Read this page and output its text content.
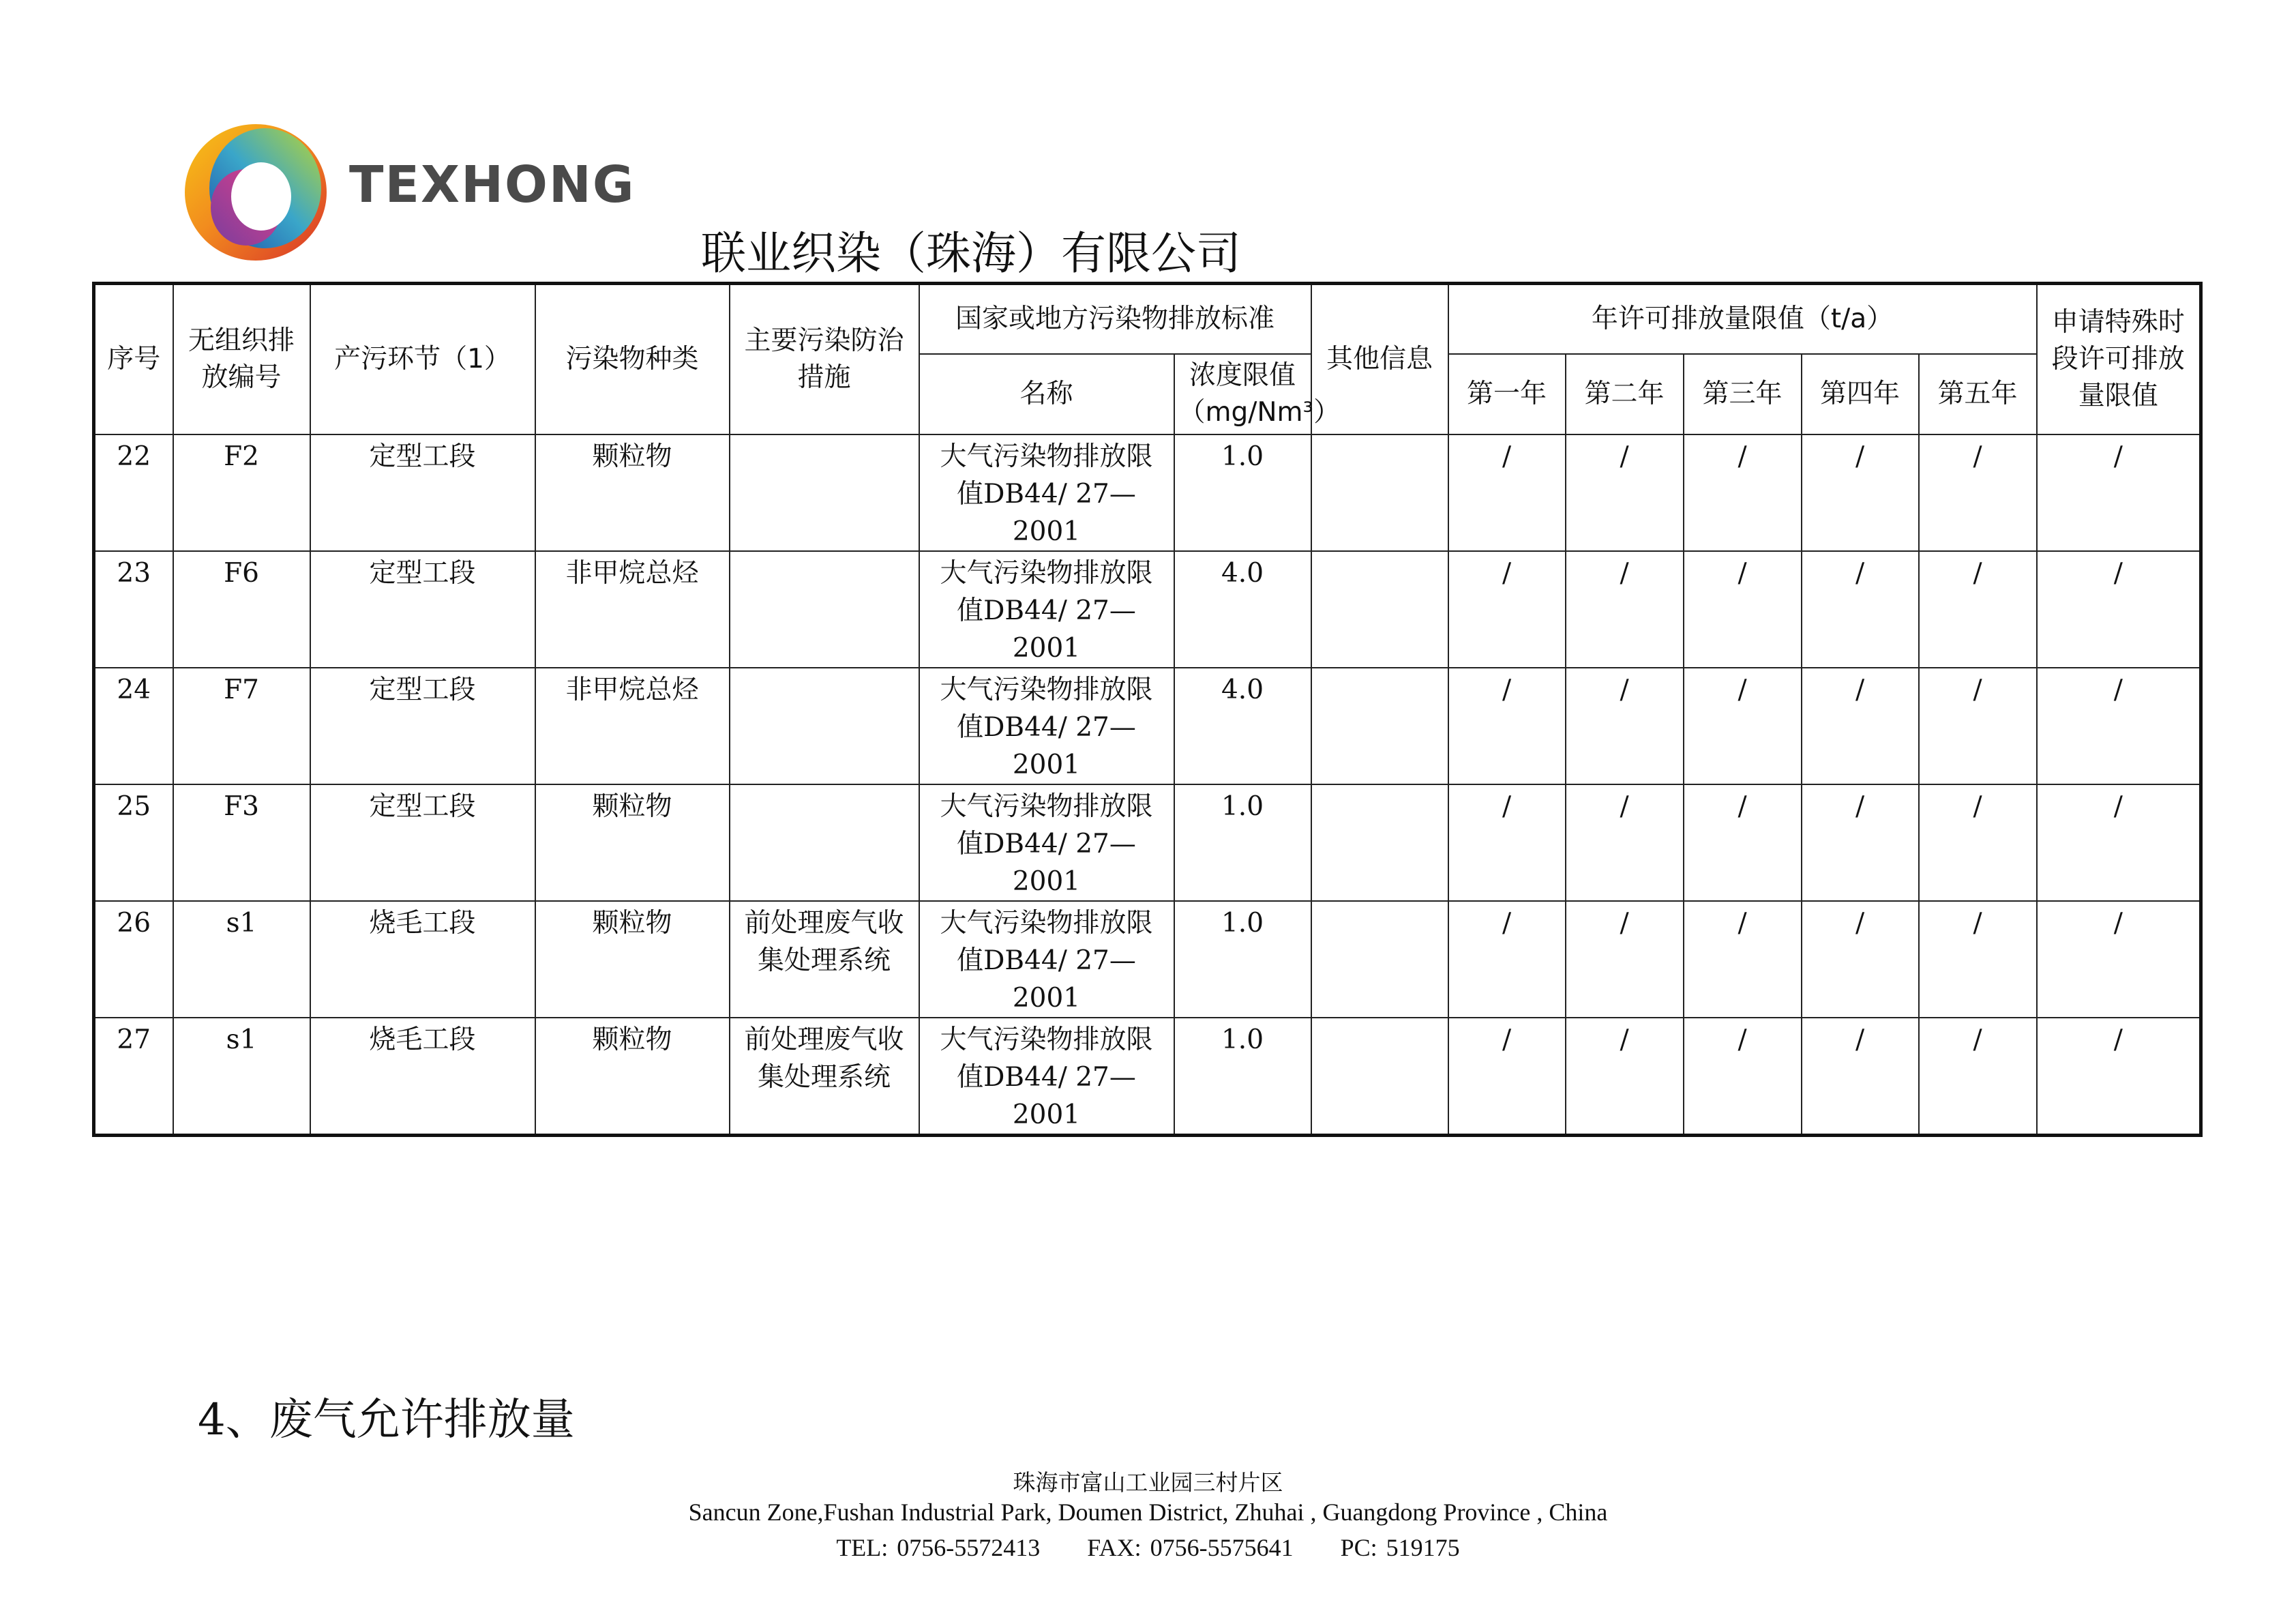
TEXHONG
联业织染（珠海）有限公司
序号	无组织排放编号	产污环节（1）	污染物种类	主要污染防治措施	国家或地方污染物排放标准		其他信息	年许可排放量限值（t/a）					申请特殊时段许可排放量限值
					名称	浓度限值（mg/Nm³）		第一年	第二年	第三年	第四年	第五年	
22	F2	定型工段	颗粒物		大气污染物排放限值DB44/ 27—2001	1.0		/	/	/	/	/	/
23	F6	定型工段	非甲烷总烃		大气污染物排放限值DB44/ 27—2001	4.0		/	/	/	/	/	/
24	F7	定型工段	非甲烷总烃		大气污染物排放限值DB44/ 27—2001	4.0		/	/	/	/	/	/
25	F3	定型工段	颗粒物		大气污染物排放限值DB44/ 27—2001	1.0		/	/	/	/	/	/
26	s1	烧毛工段	颗粒物	前处理废气收集处理系统	大气污染物排放限值DB44/ 27—2001	1.0		/	/	/	/	/	/
27	s1	烧毛工段	颗粒物	前处理废气收集处理系统	大气污染物排放限值DB44/ 27—2001	1.0		/	/	/	/	/	/
4、废气允许排放量
珠海市富山工业园三村片区
Sancun Zone,Fushan Industrial Park, Doumen District, Zhuhai , Guangdong Province , China
TEL: 0756-5572413 FAX: 0756-5575641 PC: 519175
